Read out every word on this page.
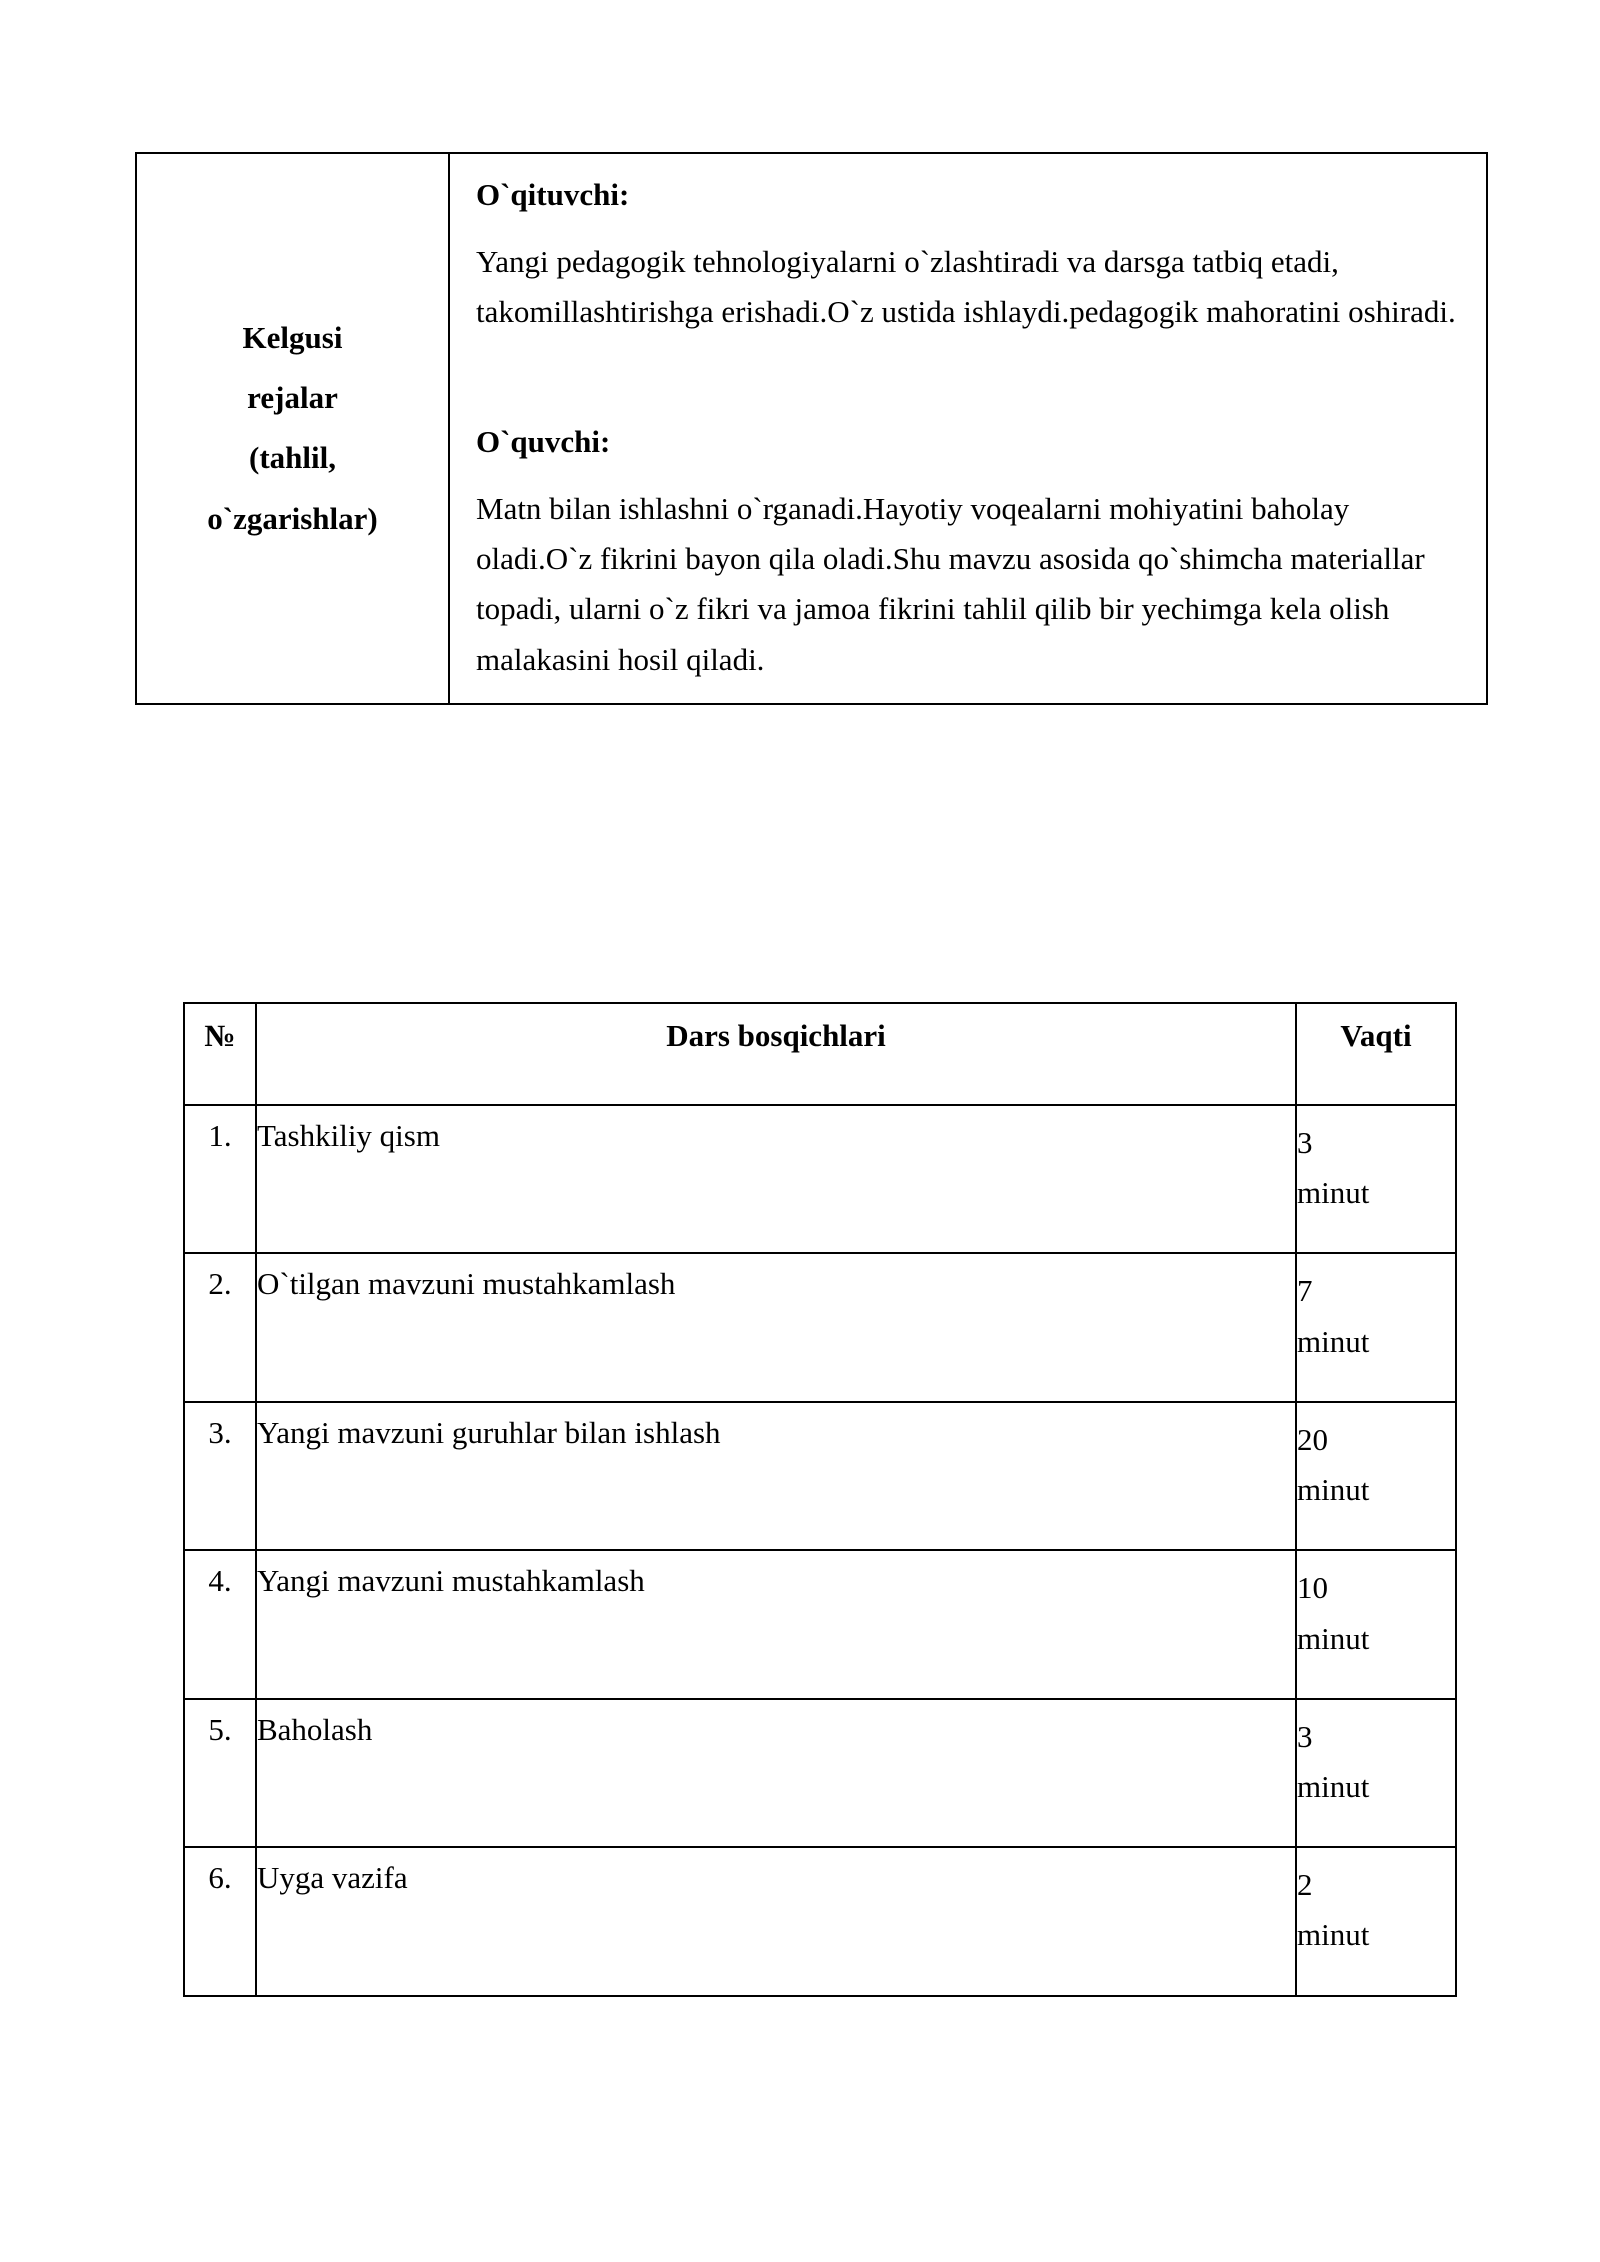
Kelgusi
rejalar
(tahlil,
o`zgarishlar)

O`qituvchi:

Yangi pedagogik tehnologiyalarni o`zlashtiradi va darsga tatbiq etadi, takomillashtirishga erishadi.O`z ustida ishlaydi.pedagogik mahoratini oshiradi.

O`quvchi:

Matn bilan ishlashni o`rganadi.Hayotiy voqealarni mohiyatini baholay oladi.O`z fikrini bayon qila oladi.Shu mavzu asosida qo`shimcha materiallar topadi, ularni o`z fikri va jamoa fikrini tahlil qilib bir yechimga kela olish malakasini hosil qiladi.

№	Dars bosqichlari	Vaqti
1.	Tashkiliy qism	3
minut

2.	O`tilgan mavzuni mustahkamlash	7
minut

3.	Yangi mavzuni guruhlar bilan ishlash	20
minut

4.	Yangi mavzuni mustahkamlash	10
minut

5.	Baholash	3
minut

6.	Uyga vazifa	2
minut
